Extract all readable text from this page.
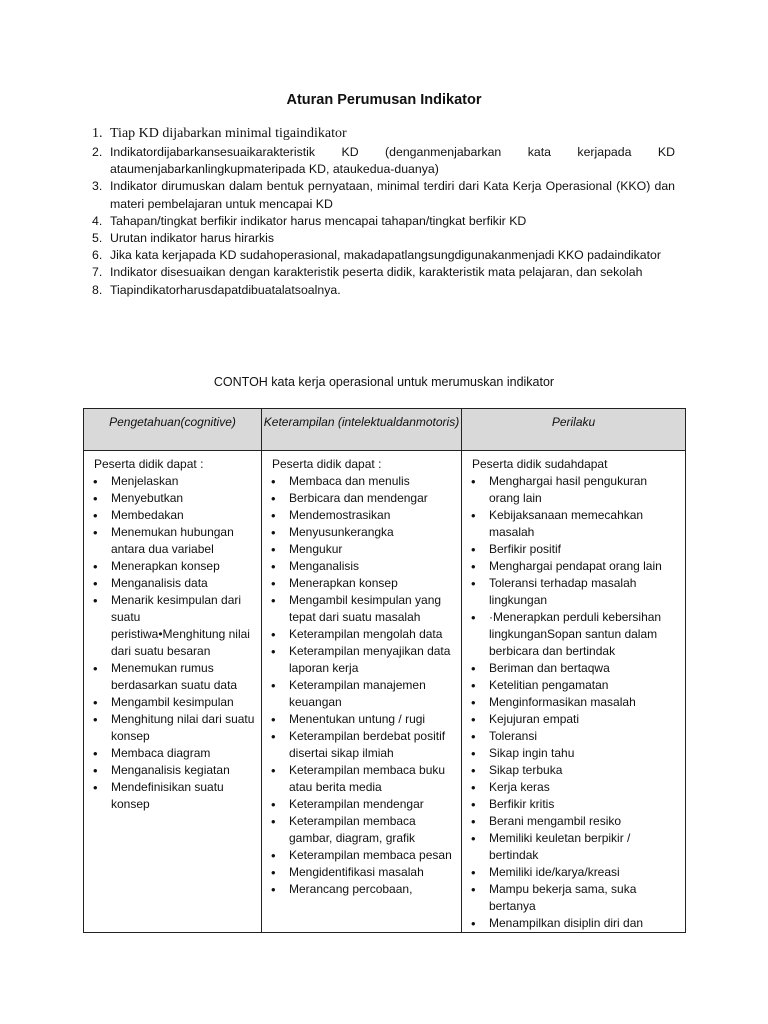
Aturan Perumusan Indikator
1. Tiap KD dijabarkan minimal tigaindikator
2. Indikatordijabarkansesuaikarakteristik KD (denganmenjabarkan kata kerjapada KD ataumenjabarkanlingkupmateripada KD, ataukedua-duanya)
3. Indikator dirumuskan dalam bentuk pernyataan, minimal terdiri dari Kata Kerja Operasional (KKO) dan materi pembelajaran untuk mencapai KD
4. Tahapan/tingkat berfikir indikator harus mencapai tahapan/tingkat berfikir KD
5. Urutan indikator harus hirarkis
6. Jika kata kerjapada KD sudahoperasional, makadapatlangsungdigunakanmenjadi KKO padaindikator
7. Indikator disesuaikan dengan karakteristik peserta didik, karakteristik mata pelajaran, dan sekolah
8. Tiapindikatorharusdapatdibuatalatsoalnya.
CONTOH kata kerja operasional untuk merumuskan indikator
Pengetahuan(cognitive)	Keterampilan (intelektualdanmotoris)	Perilaku
Peserta didik dapat :
• Menjelaskan
• Menyebutkan
• Membedakan
• Menemukan hubungan antara dua variabel
• Menerapkan konsep
• Menganalisis data
• Menarik kesimpulan dari suatu peristiwa•Menghitung nilai dari suatu besaran
• Menemukan rumus berdasarkan suatu data
• Mengambil kesimpulan
• Menghitung nilai dari suatu konsep
• Membaca diagram
• Menganalisis kegiatan
• Mendefinisikan suatu konsep
Peserta didik dapat :
• Membaca dan menulis
• Berbicara dan mendengar
• Mendemostrasikan
• Menyusunkerangka
• Mengukur
• Menganalisis
• Menerapkan konsep
• Mengambil kesimpulan yang tepat dari suatu masalah
• Keterampilan mengolah data
• Keterampilan menyajikan data laporan kerja
• Keterampilan manajemen keuangan
• Menentukan untung / rugi
• Keterampilan berdebat positif disertai sikap ilmiah
• Keterampilan membaca buku atau berita media
• Keterampilan mendengar
• Keterampilan membaca gambar, diagram, grafik
• Keterampilan membaca pesan
• Mengidentifikasi masalah
• Merancang percobaan,
Peserta didik sudahdapat
• Menghargai hasil pengukuran orang lain
• Kebijaksanaan memecahkan masalah
• Berfikir positif
• Menghargai pendapat orang lain
• Toleransi terhadap masalah lingkungan
• ·Menerapkan perduli kebersihan lingkunganSopan santun dalam berbicara dan bertindak
• Beriman dan bertaqwa
• Ketelitian pengamatan
• Menginformasikan masalah
• Kejujuran empati
• Toleransi
• Sikap ingin tahu
• Sikap terbuka
• Kerja keras
• Berfikir kritis
• Berani mengambil resiko
• Memiliki keuletan berpikir / bertindak
• Memiliki ide/karya/kreasi
• Mampu bekerja sama, suka bertanya
• Menampilkan disiplin diri dan
